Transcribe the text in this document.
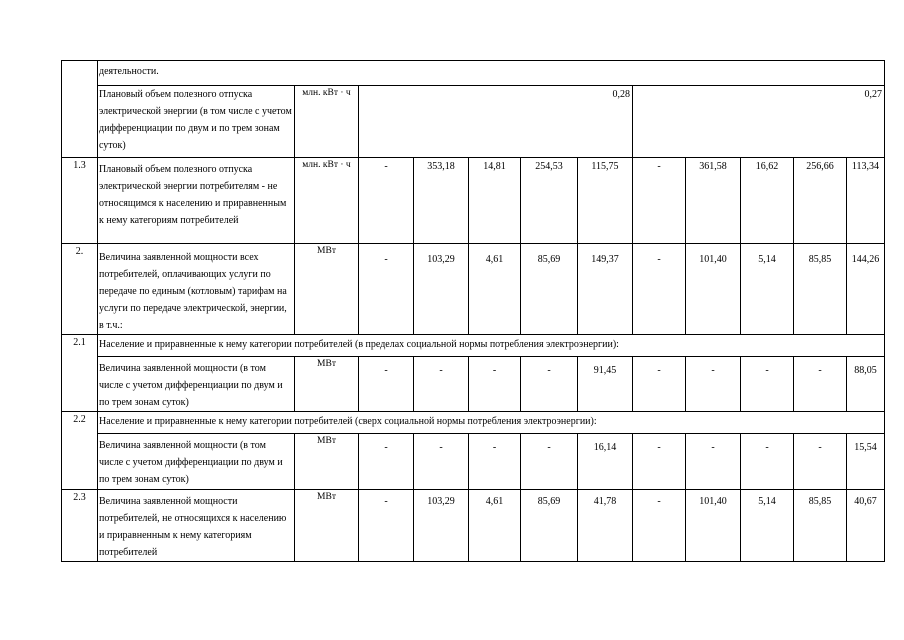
	деятельности.											
	Плановый объем полезного отпуска электрической энергии (в том числе с учетом дифференциации по двум и по трем зонам суток)	млн. кВт · ч	0,28					0,27				
1.3	Плановый объем полезного отпуска электрической энергии потребителям - не относящимся к населению и приравненным к нему категориям потребителей	млн. кВт · ч	-	353,18	14,81	254,53	115,75	-	361,58	16,62	256,66	113,34
2.	Величина заявленной мощности всех потребителей, оплачивающих услуги по передаче по единым (котловым) тарифам на услуги по передаче электрической, энергии, в т.ч.:	МВт	-	103,29	4,61	85,69	149,37	-	101,40	5,14	85,85	144,26
2.1	Население и приравненные к нему категории потребителей (в пределах социальной нормы потребления электроэнергии):											
	Величина заявленной мощности (в том числе с учетом дифференциации по двум и по трем зонам суток)	МВт	-	-	-	-	91,45	-	-	-	-	88,05
2.2	Население и приравненные к нему категории потребителей (сверх социальной нормы потребления электроэнергии):											
	Величина заявленной мощности (в том числе с учетом дифференциации по двум и по трем зонам суток)	МВт	-	-	-	-	16,14	-	-	-	-	15,54
2.3	Величина заявленной мощности потребителей, не относящихся к населению и приравненным к нему категориям потребителей	МВт	-	103,29	4,61	85,69	41,78	-	101,40	5,14	85,85	40,67
